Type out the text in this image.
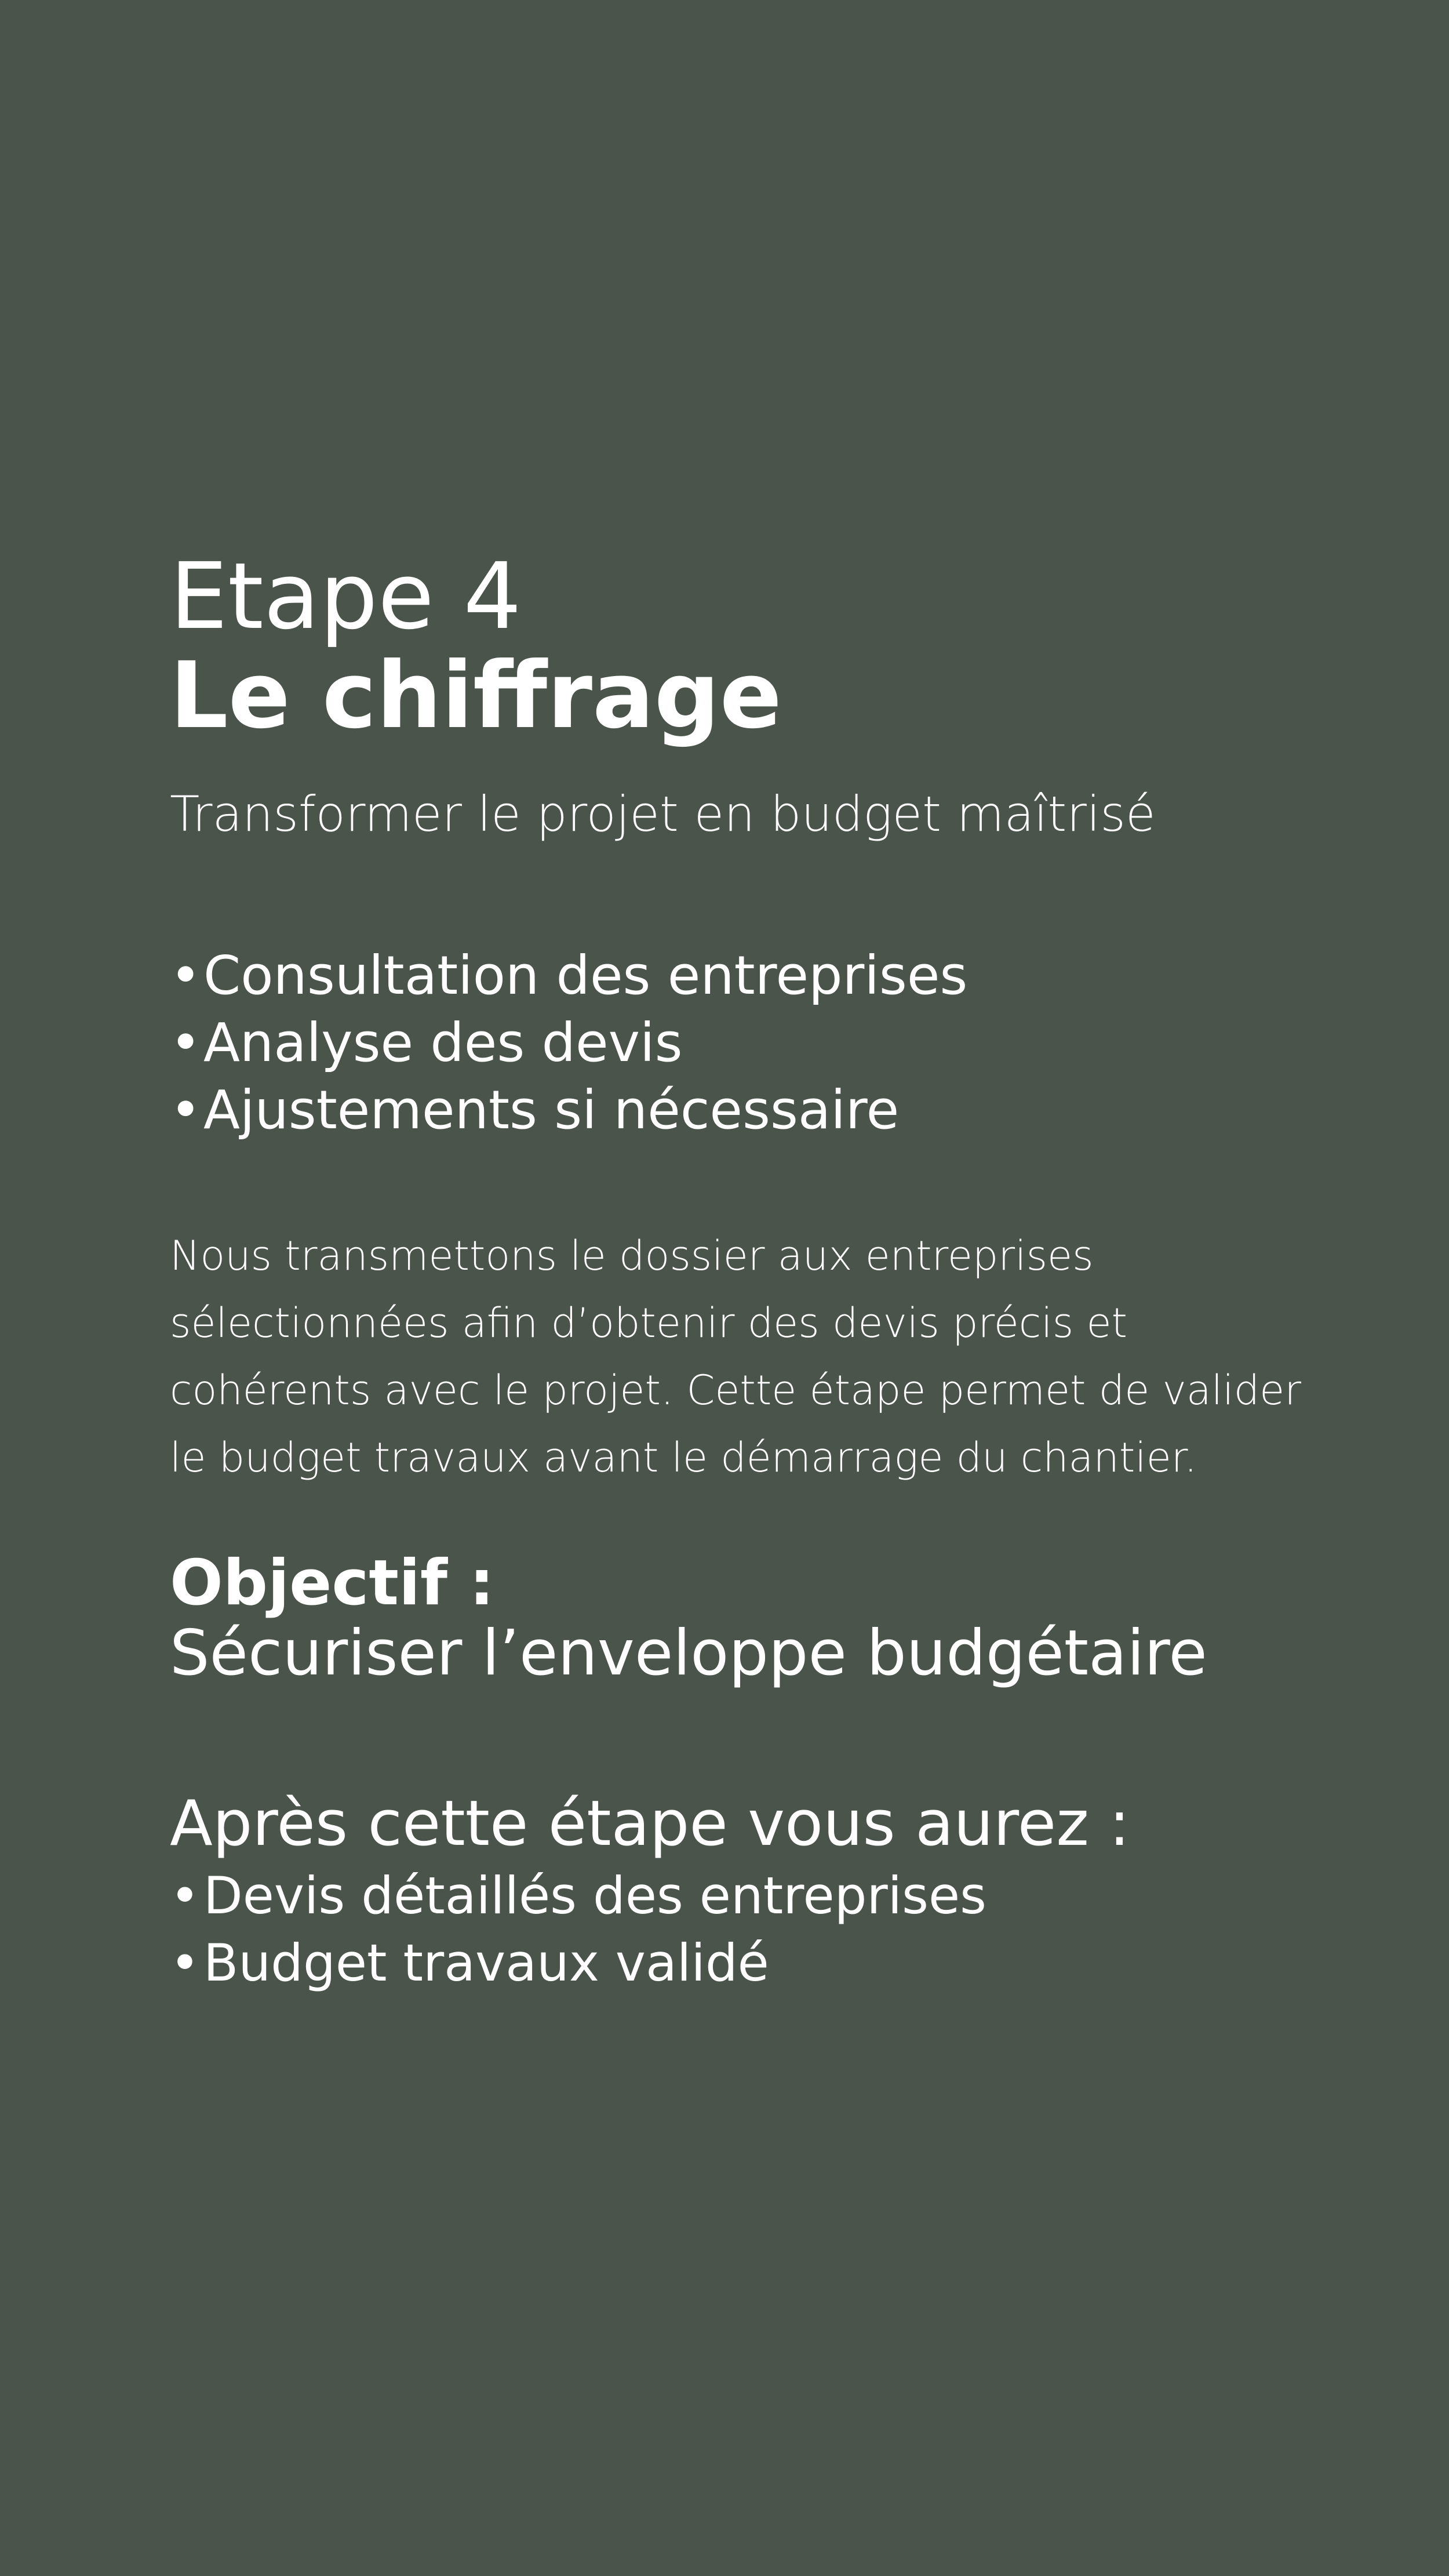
Etape 4
Le chiffrage

Transformer le projet en budget maîtrisé

•Consultation des entreprises
•Analyse des devis
•Ajustements si nécessaire

Nous transmettons le dossier aux entreprises sélectionnées afin d’obtenir des devis précis et cohérents avec le projet. Cette étape permet de valider le budget travaux avant le démarrage du chantier.

Objectif :
Sécuriser l’enveloppe budgétaire
Après cette étape vous aurez :
•Devis détaillés des entreprises
•Budget travaux validé
